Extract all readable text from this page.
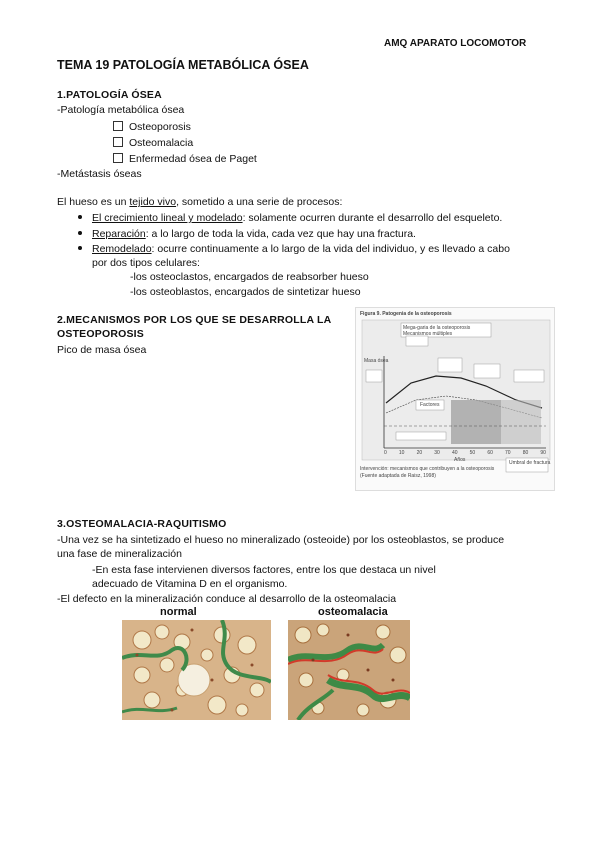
AMQ APARATO LOCOMOTOR
TEMA 19 PATOLOGÍA METABÓLICA ÓSEA
1.PATOLOGÍA ÓSEA
-Patología metabólica ósea
Osteoporosis
Osteomalacia
Enfermedad ósea de Paget
-Metástasis óseas
El hueso es un tejido vivo, sometido a una serie de procesos:
El crecimiento lineal y modelado: solamente ocurren durante el desarrollo del esqueleto.
Reparación: a lo largo de toda la vida, cada vez que hay una fractura.
Remodelado: ocurre continuamente a lo largo de la vida del individuo, y es llevado a cabo
por dos tipos celulares:
-los osteoclastos, encargados de reabsorber hueso
-los osteoblastos, encargados de sintetizar hueso
2.MECANISMOS POR LOS QUE SE DESARROLLA LA
OSTEOPOROSIS
Pico de masa ósea
Figura 9. Patogenia de la osteoporosis
Mega-garia de la osteoporosis
Mecanismos múltiples
Masa ósea
Factores
Umbral de fractura
0 10 20 30 40 50 60 70 80 90
Años
Intervención: mecanismos que contribuyen a la osteoporosis
(Fuente adaptada de Raisz, 1998)
3.OSTEOMALACIA-RAQUITISMO
-Una vez se ha sintetizado el hueso no mineralizado (osteoide) por los osteoblastos, se produce
una fase de mineralización
-En esta fase intervienen diversos factores, entre los que destaca un nivel
adecuado de Vitamina D en el organismo.
-El defecto en la mineralización conduce al desarrollo de la osteomalacia
normal	osteomalacia
